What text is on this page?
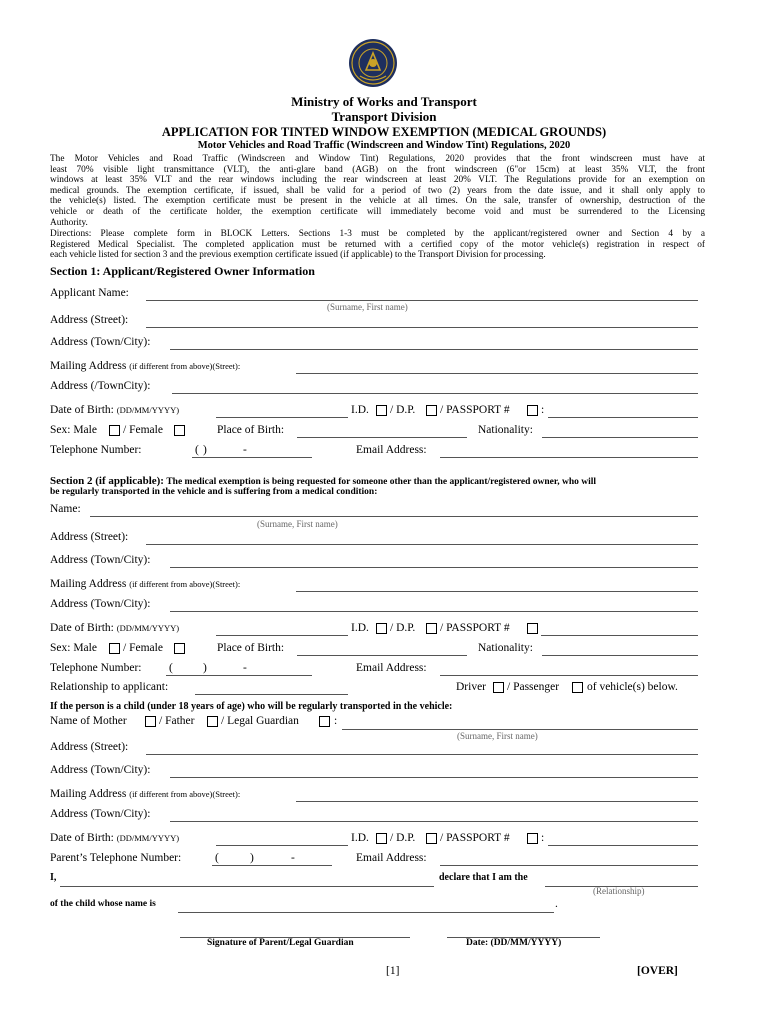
Ministry of Works and Transport
Transport Division
APPLICATION FOR TINTED WINDOW EXEMPTION (MEDICAL GROUNDS)
Motor Vehicles and Road Traffic (Windscreen and Window Tint) Regulations, 2020
The Motor Vehicles and Road Traffic (Windscreen and Window Tint) Regulations, 2020 provides that the front windscreen must have at
least 70% visible light transmittance (VLT), the anti-glare band (AGB) on the front windscreen (6"or 15cm) at least 35% VLT, the front
windows at least 35% VLT and the rear windows including the rear windscreen at least 20% VLT. The Regulations provide for an exemption on
medical grounds. The exemption certificate, if issued, shall be valid for a period of two (2) years from the date issue, and it shall only apply to
the vehicle(s) listed. The exemption certificate must be present in the vehicle at all times. On the sale, transfer of ownership, destruction of the
vehicle or death of the certificate holder, the exemption certificate will immediately become void and must be surrendered to the Licensing
Authority.
Directions: Please complete form in BLOCK Letters. Sections 1-3 must be completed by the applicant/registered owner and Section 4 by a
Registered Medical Specialist. The completed application must be returned with a certified copy of the motor vehicle(s) registration in respect of
each vehicle listed for section 3 and the previous exemption certificate issued (if applicable) to the Transport Division for processing.
Section 1: Applicant/Registered Owner Information
Applicant Name:
(Surname, First name)
Address (Street):
Address (Town/City):
Mailing Address (if different from above)(Street):
Address (/TownCity):
Date of Birth: (DD/MM/YYYY)	I.D. / D.P. / PASSPORT #	:
Sex: Male / Female	Place of Birth:	Nationality:
Telephone Number:	( )	-	Email Address:
Section 2 (if applicable): The medical exemption is being requested for someone other than the applicant/registered owner, who will
be regularly transported in the vehicle and is suffering from a medical condition:
Name:
(Surname, First name)
Address (Street):
Address (Town/City):
Mailing Address (if different from above)(Street):
Address (Town/City):
Date of Birth: (DD/MM/YYYY)	I.D. / D.P. / PASSPORT #
Sex: Male / Female	Place of Birth:	Nationality:
Telephone Number: (	)	-	Email Address:
Relationship to applicant:	Driver / Passenger of vehicle(s) below.
If the person is a child (under 18 years of age) who will be regularly transported in the vehicle:
Name of Mother	/ Father / Legal Guardian	:
(Surname, First name)
Address (Street):
Address (Town/City):
Mailing Address (if different from above)(Street):
Address (Town/City):
Date of Birth: (DD/MM/YYYY)	I.D. / D.P. / PASSPORT #	:
Parent’s Telephone Number:	(	)	-	Email Address:
I,	declare that I am the
(Relationship)
of the child whose name is	.
Signature of Parent/Legal Guardian	Date: (DD/MM/YYYY)
[1]	[OVER]
